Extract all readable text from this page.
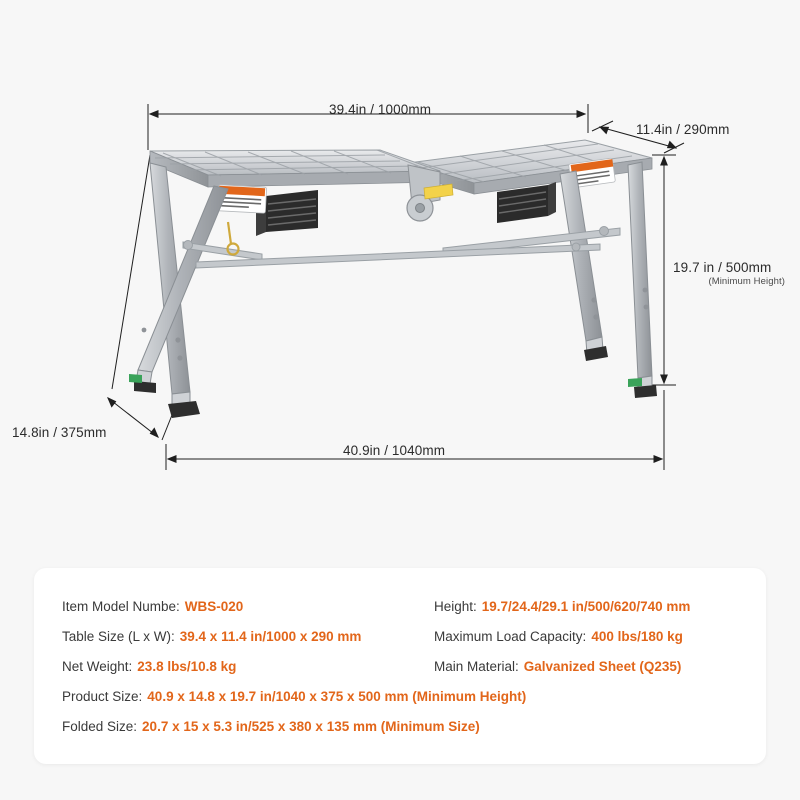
39.4in / 1000mm
11.4in / 290mm
19.7 in / 500mm
(Minimum Height)
14.8in / 375mm
40.9in / 1040mm
Item Model Numbe: WBS-020	Height: 19.7/24.4/29.1 in/500/620/740 mm
Table Size (L x W): 39.4 x 11.4 in/1000 x 290 mm	Maximum Load Capacity: 400 lbs/180 kg
Net Weight: 23.8 lbs/10.8 kg	Main Material: Galvanized Sheet (Q235)
Product Size: 40.9 x 14.8 x 19.7 in/1040 x 375 x 500 mm (Minimum Height)
Folded Size: 20.7 x 15 x 5.3 in/525 x 380 x 135 mm (Minimum Size)
